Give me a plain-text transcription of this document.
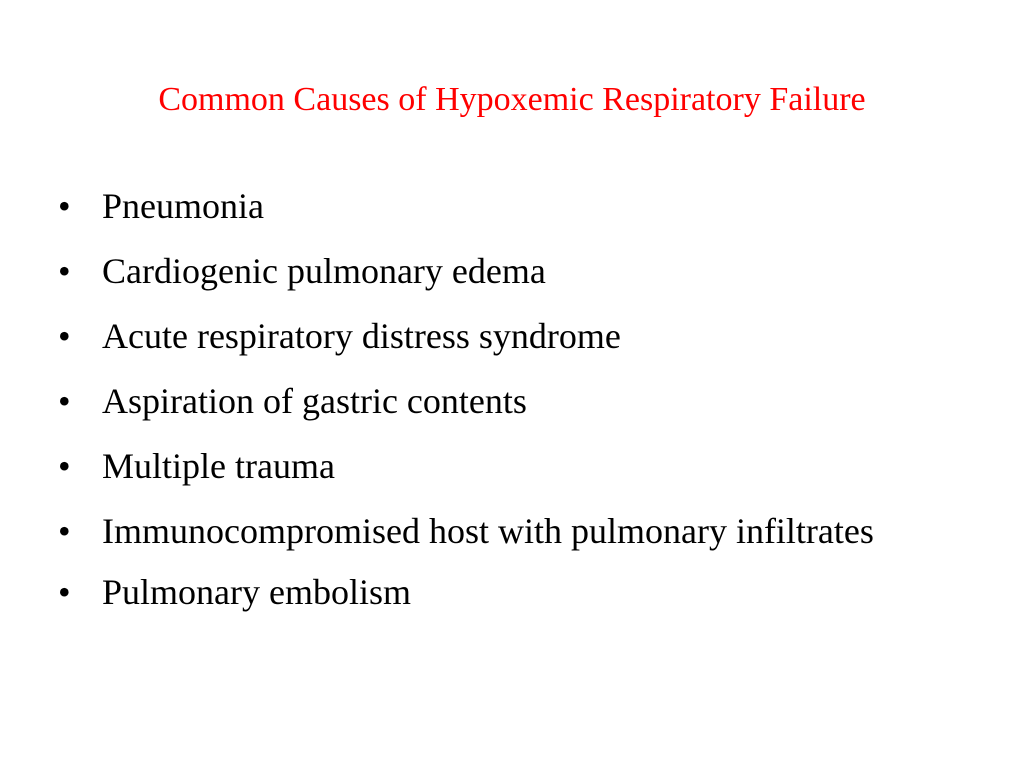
Common Causes of Hypoxemic Respiratory Failure
• Pneumonia
• Cardiogenic pulmonary edema
• Acute respiratory distress syndrome
• Aspiration of gastric contents
• Multiple trauma
• Immunocompromised host with pulmonary infiltrates
• Pulmonary embolism
